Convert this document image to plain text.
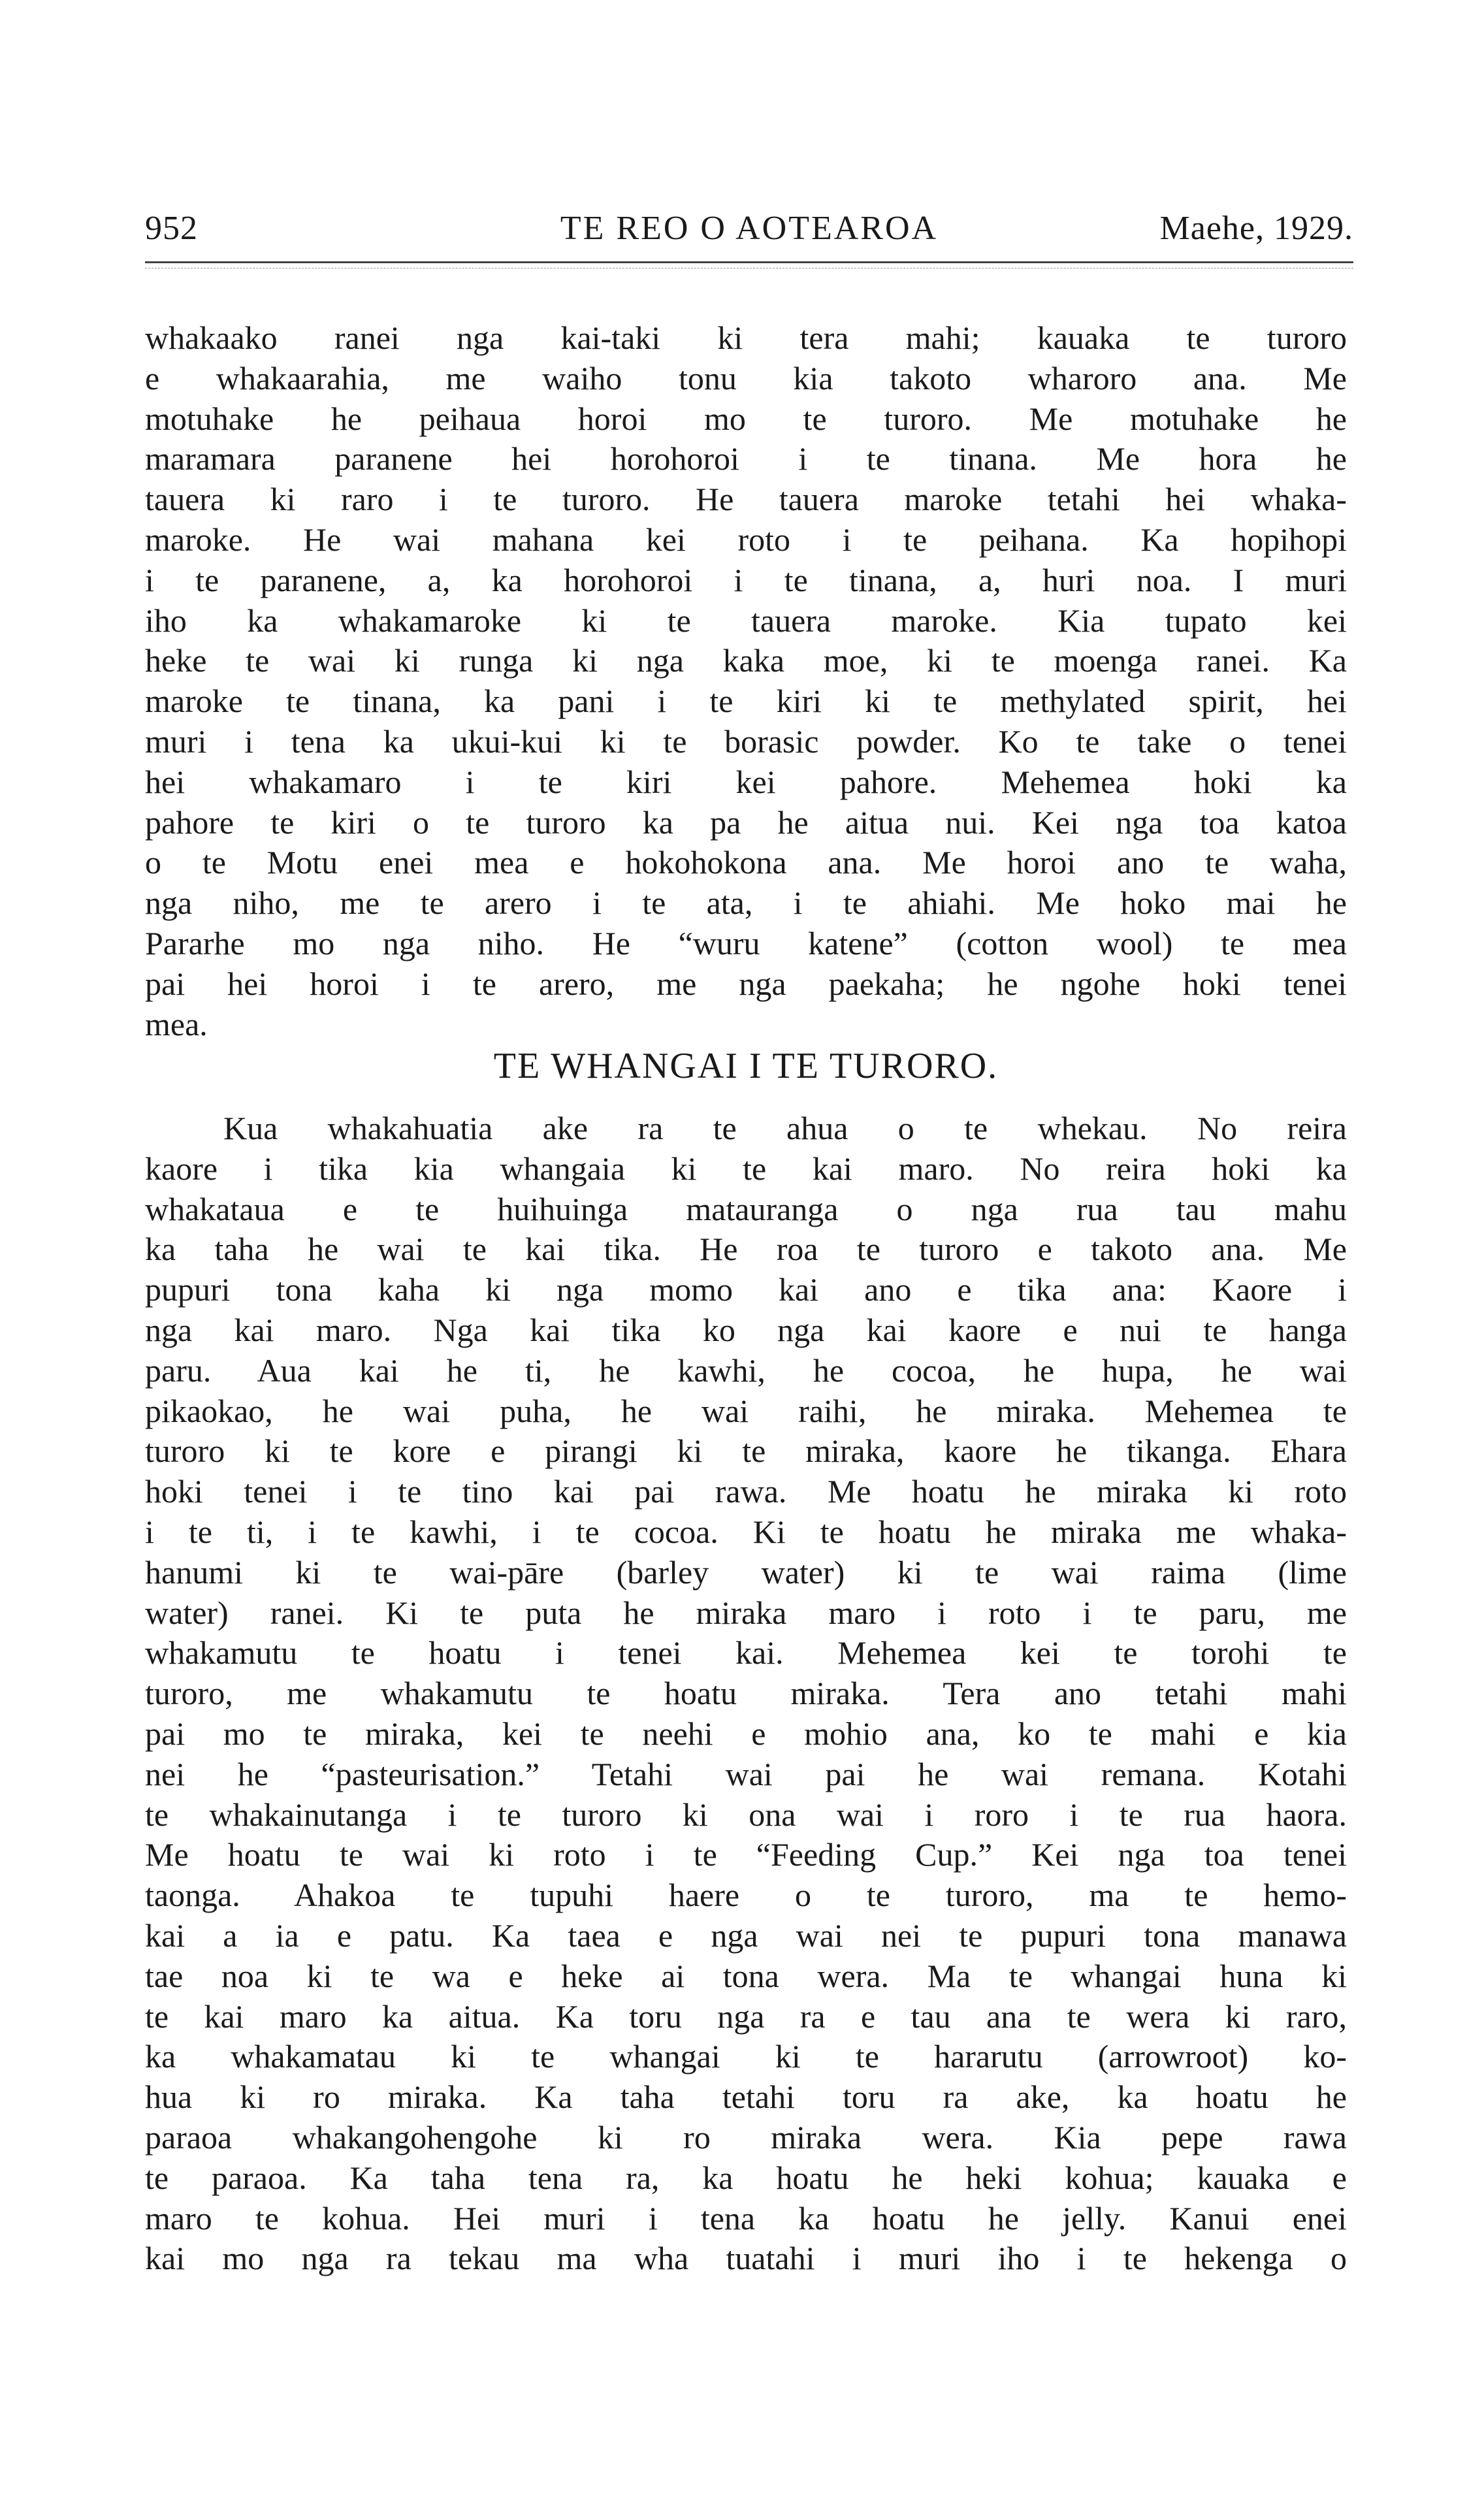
952	TE REO O AOTEAROA	Maehe, 1929.
whakaako ranei nga kai-taki ki tera mahi; kauaka te turoro
e whakaarahia, me waiho tonu kia takoto wharoro ana. Me
motuhake he peihaua horoi mo te turoro. Me motuhake he
maramara paranene hei horohoroi i te tinana. Me hora he
tauera ki raro i te turoro. He tauera maroke tetahi hei whaka-
maroke. He wai mahana kei roto i te peihana. Ka hopihopi
i te paranene, a, ka horohoroi i te tinana, a, huri noa. I muri
iho ka whakamaroke ki te tauera maroke. Kia tupato kei
heke te wai ki runga ki nga kaka moe, ki te moenga ranei. Ka
maroke te tinana, ka pani i te kiri ki te methylated spirit, hei
muri i tena ka ukui-kui ki te borasic powder. Ko te take o tenei
hei whakamaro i te kiri kei pahore. Mehemea hoki ka
pahore te kiri o te turoro ka pa he aitua nui. Kei nga toa katoa
o te Motu enei mea e hokohokona ana. Me horoi ano te waha,
nga niho, me te arero i te ata, i te ahiahi. Me hoko mai he
Pararhe mo nga niho. He “wuru katene” (cotton wool) te mea
pai hei horoi i te arero, me nga paekaha; he ngohe hoki tenei
mea.
TE WHANGAI I TE TURORO.
Kua whakahuatia ake ra te ahua o te whekau. No reira
kaore i tika kia whangaia ki te kai maro. No reira hoki ka
whakataua e te huihuinga matauranga o nga rua tau mahu
ka taha he wai te kai tika. He roa te turoro e takoto ana. Me
pupuri tona kaha ki nga momo kai ano e tika ana: Kaore i
nga kai maro. Nga kai tika ko nga kai kaore e nui te hanga
paru. Aua kai he ti, he kawhi, he cocoa, he hupa, he wai
pikaokao, he wai puha, he wai raihi, he miraka. Mehemea te
turoro ki te kore e pirangi ki te miraka, kaore he tikanga. Ehara
hoki tenei i te tino kai pai rawa. Me hoatu he miraka ki roto
i te ti, i te kawhi, i te cocoa. Ki te hoatu he miraka me whaka-
hanumi ki te wai-pāre (barley water) ki te wai raima (lime
water) ranei. Ki te puta he miraka maro i roto i te paru, me
whakamutu te hoatu i tenei kai. Mehemea kei te torohi te
turoro, me whakamutu te hoatu miraka. Tera ano tetahi mahi
pai mo te miraka, kei te neehi e mohio ana, ko te mahi e kia
nei he “pasteurisation.” Tetahi wai pai he wai remana. Kotahi
te whakainutanga i te turoro ki ona wai i roro i te rua haora.
Me hoatu te wai ki roto i te “Feeding Cup.” Kei nga toa tenei
taonga. Ahakoa te tupuhi haere o te turoro, ma te hemo-
kai a ia e patu. Ka taea e nga wai nei te pupuri tona manawa
tae noa ki te wa e heke ai tona wera. Ma te whangai huna ki
te kai maro ka aitua. Ka toru nga ra e tau ana te wera ki raro,
ka whakamatau ki te whangai ki te hararutu (arrowroot) ko-
hua ki ro miraka. Ka taha tetahi toru ra ake, ka hoatu he
paraoa whakangohengohe ki ro miraka wera. Kia pepe rawa
te paraoa. Ka taha tena ra, ka hoatu he heki kohua; kauaka e
maro te kohua. Hei muri i tena ka hoatu he jelly. Kanui enei
kai mo nga ra tekau ma wha tuatahi i muri iho i te hekenga o
